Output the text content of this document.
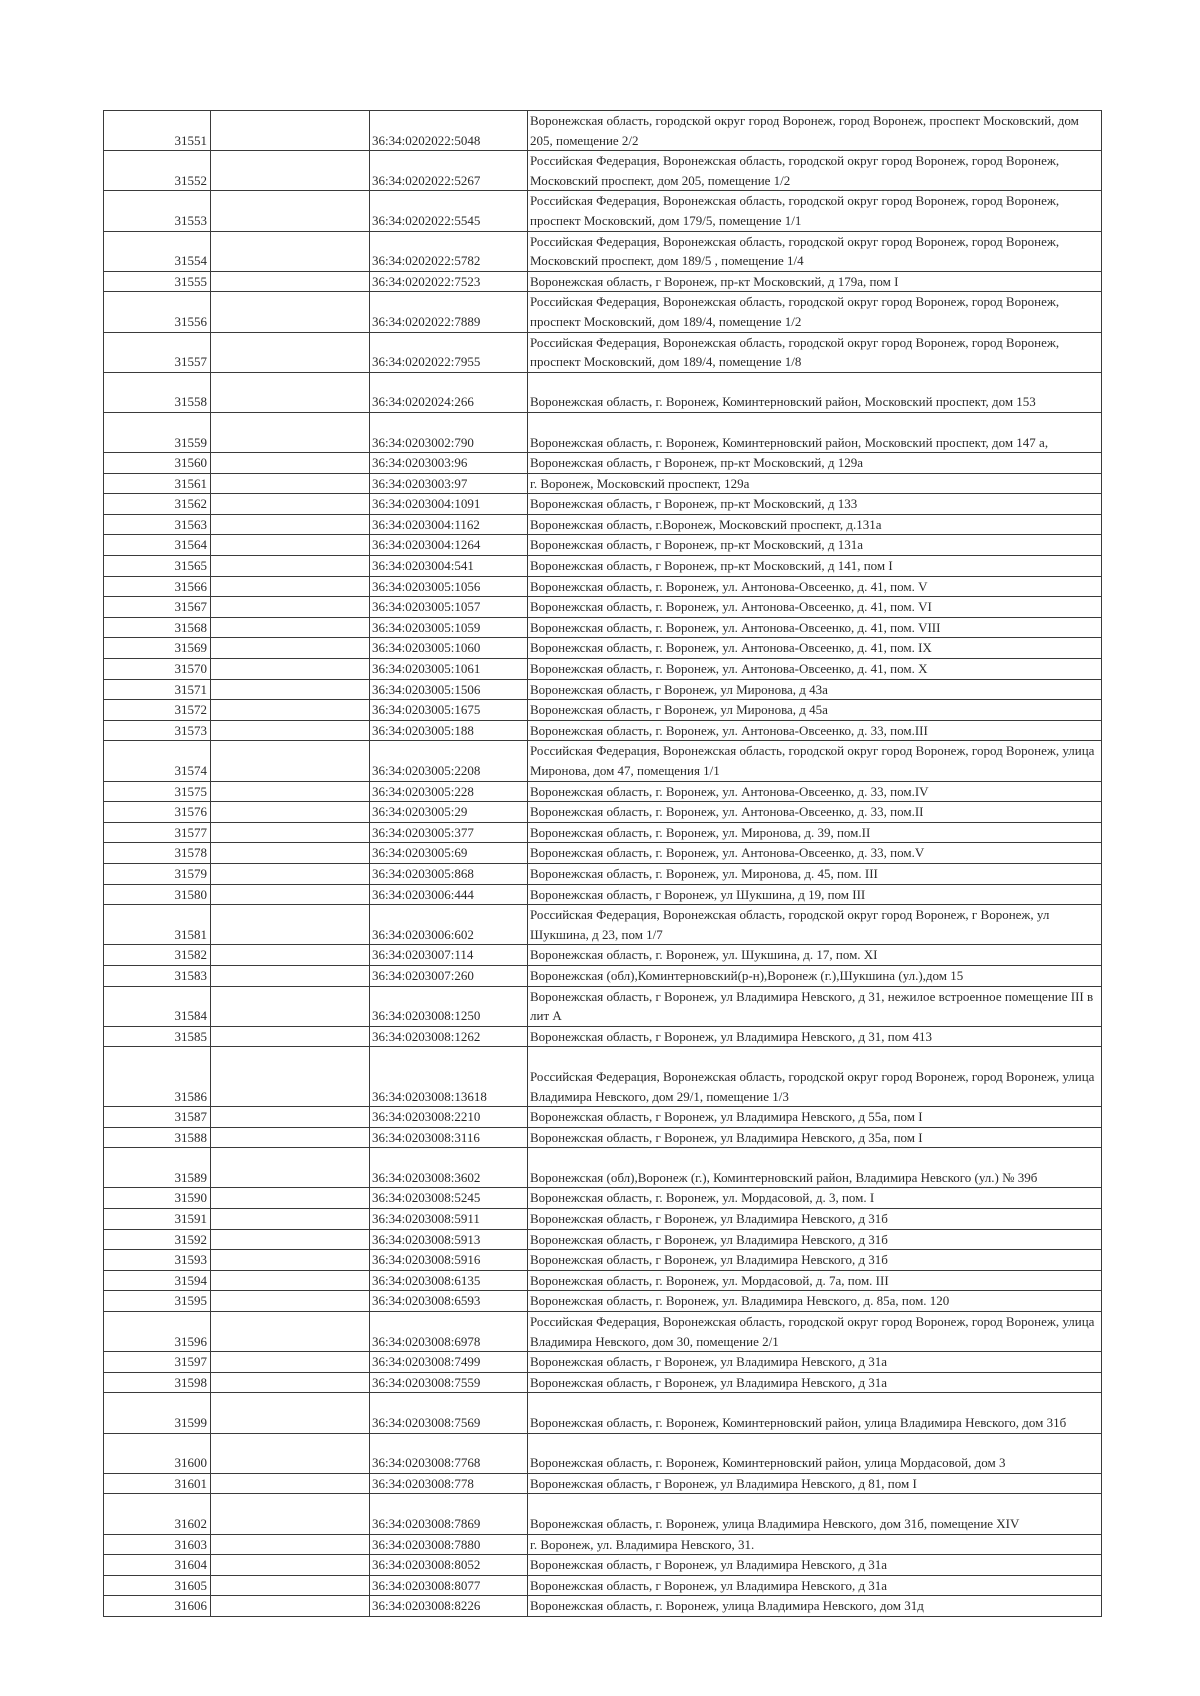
31551		36:34:0202022:5048	Воронежская область, городской округ город Воронеж, город Воронеж, проспект Московский, дом 205, помещение 2/2
31552		36:34:0202022:5267	Российская Федерация, Воронежская область, городской округ город Воронеж, город Воронеж, Московский проспект, дом 205, помещение 1/2
31553		36:34:0202022:5545	Российская Федерация, Воронежская область, городской округ город Воронеж, город Воронеж, проспект Московский, дом 179/5, помещение 1/1
31554		36:34:0202022:5782	Российская Федерация, Воронежская область, городской округ город Воронеж, город Воронеж, Московский проспект, дом 189/5 , помещение 1/4
31555		36:34:0202022:7523	Воронежская область, г Воронеж, пр-кт Московский, д 179а, пом I
31556		36:34:0202022:7889	Российская Федерация, Воронежская область, городской округ город Воронеж, город Воронеж, проспект Московский, дом 189/4, помещение 1/2
31557		36:34:0202022:7955	Российская Федерация, Воронежская область, городской округ город Воронеж, город Воронеж, проспект Московский, дом 189/4, помещение 1/8
31558		36:34:0202024:266	Воронежская область, г. Воронеж, Коминтерновский район, Московский проспект, дом 153
31559		36:34:0203002:790	Воронежская область, г. Воронеж, Коминтерновский район, Московский проспект, дом 147 а,
31560		36:34:0203003:96	Воронежская область, г Воронеж, пр-кт Московский, д 129а
31561		36:34:0203003:97	г. Воронеж, Московский проспект, 129а
31562		36:34:0203004:1091	Воронежская область, г Воронеж, пр-кт Московский, д 133
31563		36:34:0203004:1162	Воронежская область, г.Воронеж, Московский проспект, д.131а
31564		36:34:0203004:1264	Воронежская область, г Воронеж, пр-кт Московский, д 131а
31565		36:34:0203004:541	Воронежская область, г Воронеж, пр-кт Московский, д 141, пом I
31566		36:34:0203005:1056	Воронежская область, г. Воронеж, ул. Антонова-Овсеенко, д. 41, пом. V
31567		36:34:0203005:1057	Воронежская область, г. Воронеж, ул. Антонова-Овсеенко, д. 41, пом. VI
31568		36:34:0203005:1059	Воронежская область, г. Воронеж, ул. Антонова-Овсеенко, д. 41, пом. VIII
31569		36:34:0203005:1060	Воронежская область, г. Воронеж, ул. Антонова-Овсеенко, д. 41, пом. IX
31570		36:34:0203005:1061	Воронежская область, г. Воронеж, ул. Антонова-Овсеенко, д. 41, пом. X
31571		36:34:0203005:1506	Воронежская область, г Воронеж, ул Миронова, д 43а
31572		36:34:0203005:1675	Воронежская область, г Воронеж, ул Миронова, д 45а
31573		36:34:0203005:188	Воронежская область, г. Воронеж, ул. Антонова-Овсеенко, д. 33, пом.III
31574		36:34:0203005:2208	Российская Федерация, Воронежская область, городской округ город Воронеж, город Воронеж, улица Миронова, дом 47, помещения 1/1
31575		36:34:0203005:228	Воронежская область, г. Воронеж, ул. Антонова-Овсеенко, д. 33, пом.IV
31576		36:34:0203005:29	Воронежская область, г. Воронеж, ул. Антонова-Овсеенко, д. 33, пом.II
31577		36:34:0203005:377	Воронежская область, г. Воронеж, ул. Миронова, д. 39, пом.II
31578		36:34:0203005:69	Воронежская область, г. Воронеж, ул. Антонова-Овсеенко, д. 33, пом.V
31579		36:34:0203005:868	Воронежская область, г. Воронеж, ул. Миронова, д. 45, пом. III
31580		36:34:0203006:444	Воронежская область, г Воронеж, ул Шукшина, д 19, пом III
31581		36:34:0203006:602	Российская Федерация, Воронежская область, городской округ город Воронеж, г Воронеж, ул Шукшина, д 23, пом 1/7
31582		36:34:0203007:114	Воронежская область, г. Воронеж, ул. Шукшина, д. 17, пом. XI
31583		36:34:0203007:260	Воронежская (обл),Коминтерновский(р-н),Воронеж (г.),Шукшина (ул.),дом 15
31584		36:34:0203008:1250	Воронежская область, г Воронеж, ул Владимира Невского, д 31, нежилое встроенное помещение III в лит А
31585		36:34:0203008:1262	Воронежская область, г Воронеж, ул Владимира Невского, д 31, пом 413
31586		36:34:0203008:13618	Российская Федерация, Воронежская область, городской округ город Воронеж, город Воронеж, улица Владимира Невского, дом 29/1, помещение 1/3
31587		36:34:0203008:2210	Воронежская область, г Воронеж, ул Владимира Невского, д 55а, пом I
31588		36:34:0203008:3116	Воронежская область, г Воронеж, ул Владимира Невского, д 35а, пом I
31589		36:34:0203008:3602	Воронежская (обл),Воронеж (г.), Коминтерновский район, Владимира Невского (ул.) № 39б
31590		36:34:0203008:5245	Воронежская область, г. Воронеж, ул. Мордасовой, д. 3, пом. I
31591		36:34:0203008:5911	Воронежская область, г Воронеж, ул Владимира Невского, д 31б
31592		36:34:0203008:5913	Воронежская область, г Воронеж, ул Владимира Невского, д 31б
31593		36:34:0203008:5916	Воронежская область, г Воронеж, ул Владимира Невского, д 31б
31594		36:34:0203008:6135	Воронежская область, г. Воронеж, ул. Мордасовой, д. 7а, пом. III
31595		36:34:0203008:6593	Воронежская область, г. Воронеж, ул. Владимира Невского, д. 85а, пом. 120
31596		36:34:0203008:6978	Российская Федерация, Воронежская область, городской округ город Воронеж, город Воронеж, улица Владимира Невского, дом 30, помещение 2/1
31597		36:34:0203008:7499	Воронежская область, г Воронеж, ул Владимира Невского, д 31а
31598		36:34:0203008:7559	Воронежская область, г Воронеж, ул Владимира Невского, д 31а
31599		36:34:0203008:7569	Воронежская область, г. Воронеж, Коминтерновский район, улица Владимира Невского, дом 31б
31600		36:34:0203008:7768	Воронежская область, г. Воронеж, Коминтерновский район, улица Мордасовой, дом 3
31601		36:34:0203008:778	Воронежская область, г Воронеж, ул Владимира Невского, д 81, пом I
31602		36:34:0203008:7869	Воронежская область, г. Воронеж, улица Владимира Невского, дом 31б, помещение XIV
31603		36:34:0203008:7880	г. Воронеж, ул. Владимира Невского, 31.
31604		36:34:0203008:8052	Воронежская область, г Воронеж, ул Владимира Невского, д 31а
31605		36:34:0203008:8077	Воронежская область, г Воронеж, ул Владимира Невского, д 31а
31606		36:34:0203008:8226	Воронежская область, г. Воронеж, улица Владимира Невского, дом 31д
